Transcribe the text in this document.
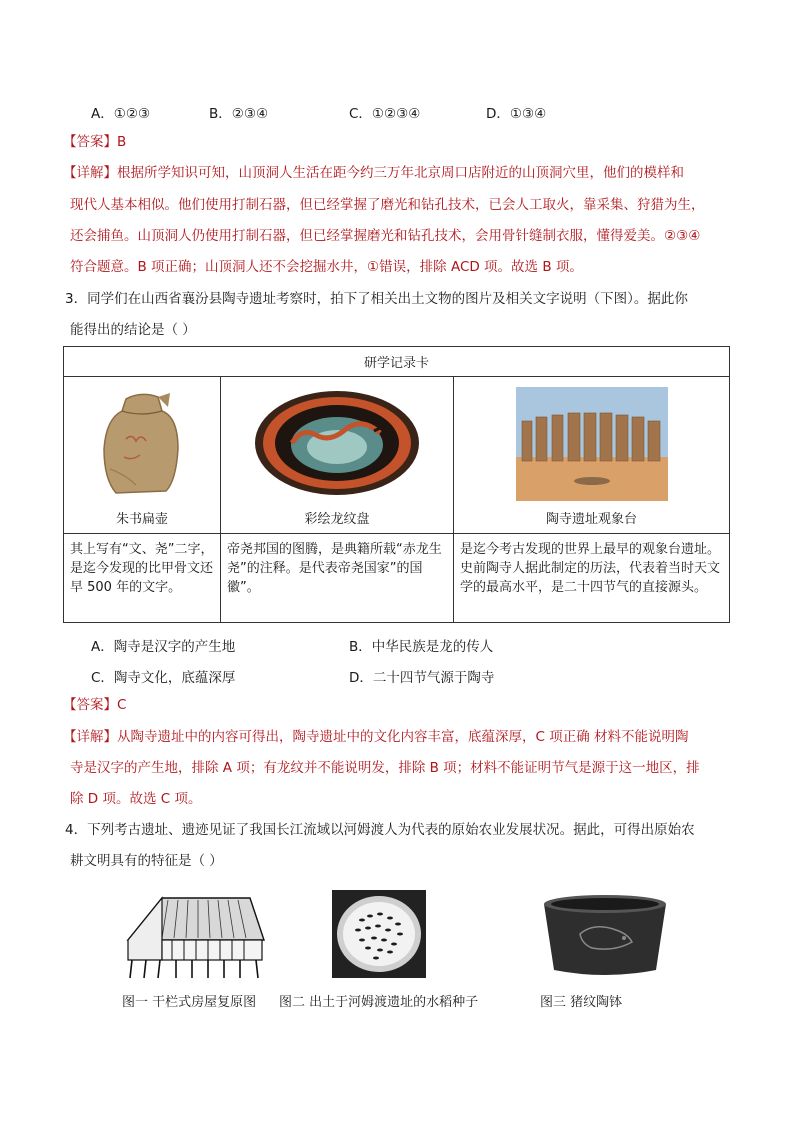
A．①②③	B．②③④	C．①②③④	D．①③④
【答案】B
【详解】根据所学知识可知，山顶洞人生活在距今约三万年北京周口店附近的山顶洞穴里，他们的模样和
现代人基本相似。他们使用打制石器，但已经掌握了磨光和钻孔技术，已会人工取火，靠采集、狩猎为生，
还会捕鱼。山顶洞人仍使用打制石器，但已经掌握磨光和钻孔技术，会用骨针缝制衣服，懂得爱美。②③④
符合题意。B 项正确；山顶洞人还不会挖掘水井，①错误，排除 ACD 项。故选 B 项。
3．同学们在山西省襄汾县陶寺遗址考察时，拍下了相关出土文物的图片及相关文字说明（下图）。据此你
能得出的结论是（ ）
研学记录卡		

朱书扁壶	彩绘龙纹盘	陶寺遗址观象台

其上写有“文、尧”二字，是迄今发现的比甲骨文还早 500 年的文字。	帝尧邦国的图腾，是典籍所载“赤龙生尧”的注释。是代表帝尧国家”的国徽”。	是迄今考古发现的世界上最早的观象台遗址。史前陶寺人据此制定的历法，代表着当时天文学的最高水平，是二十四节气的直接源头。
A．陶寺是汉字的产生地	B．中华民族是龙的传人
C．陶寺文化，底蕴深厚	D．二十四节气源于陶寺
【答案】C
【详解】从陶寺遗址中的内容可得出，陶寺遗址中的文化内容丰富，底蕴深厚，C 项正确 材料不能说明陶
寺是汉字的产生地，排除 A 项；有龙纹并不能说明发，排除 B 项；材料不能证明节气是源于这一地区，排
除 D 项。故选 C 项。
4．下列考古遗址、遗迹见证了我国长江流域以河姆渡人为代表的原始农业发展状况。据此，可得出原始农
耕文明具有的特征是（ ）
图一 干栏式房屋复原图 图二 出土于河姆渡遗址的水稻种子	图三 猪纹陶钵
